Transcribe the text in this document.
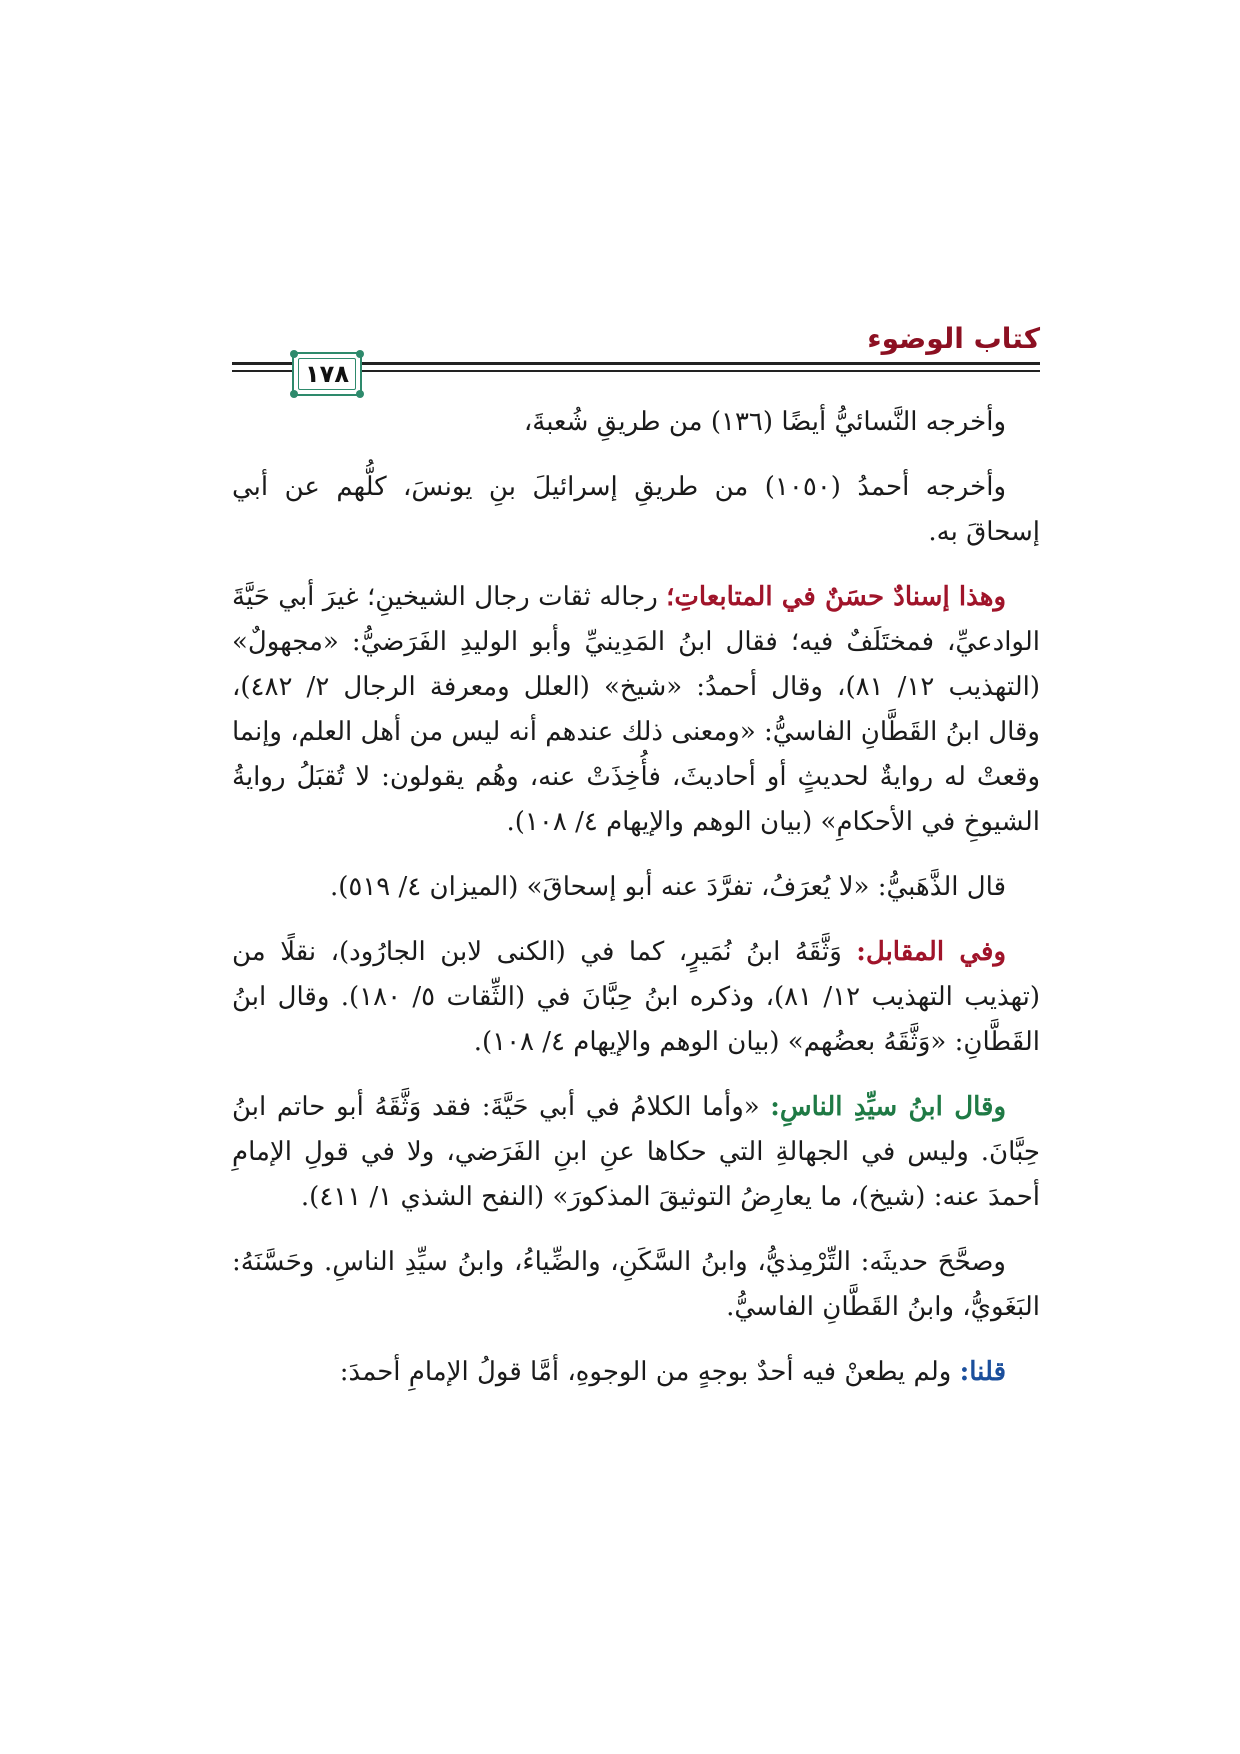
كتاب الوضوء
١٧٨

وأخرجه النَّسائيُّ أيضًا (١٣٦) من طريقِ شُعبةَ،

وأخرجه أحمدُ (١٠٥٠) من طريقِ إسرائيلَ بنِ يونسَ، كلُّهم عن أبي إسحاقَ به.

وهذا إسنادٌ حسَنٌ في المتابعاتِ؛ رجاله ثقات رجال الشيخينِ؛ غيرَ أبي حَيَّةَ الوادعيِّ، فمختَلَفٌ فيه؛ فقال ابنُ المَدِينيِّ وأبو الوليدِ الفَرَضيُّ: «مجهولٌ» (التهذيب ١٢/ ٨١)، وقال أحمدُ: «شيخ» (العلل ومعرفة الرجال ٢/ ٤٨٢)، وقال ابنُ القَطَّانِ الفاسيُّ: «ومعنى ذلك عندهم أنه ليس من أهل العلم، وإنما وقعتْ له روايةٌ لحديثٍ أو أحاديثَ، فأُخِذَتْ عنه، وهُم يقولون: لا تُقبَلُ روايةُ الشيوخِ في الأحكامِ» (بيان الوهم والإيهام ٤/ ١٠٨).

قال الذَّهَبيُّ: «لا يُعرَفُ، تفرَّدَ عنه أبو إسحاقَ» (الميزان ٤/ ٥١٩).

وفي المقابل: وَثَّقَهُ ابنُ نُمَيرٍ، كما في (الكنى لابن الجارُود)، نقلًا من (تهذيب التهذيب ١٢/ ٨١)، وذكره ابنُ حِبَّانَ في (الثِّقات ٥/ ١٨٠). وقال ابنُ القَطَّانِ: «وَثَّقَهُ بعضُهم» (بيان الوهم والإيهام ٤/ ١٠٨).

وقال ابنُ سيِّدِ الناسِ: «وأما الكلامُ في أبي حَيَّةَ: فقد وَثَّقَهُ أبو حاتم ابنُ حِبَّانَ. وليس في الجهالةِ التي حكاها عنِ ابنِ الفَرَضي، ولا في قولِ الإمامِ أحمدَ عنه: (شيخ)، ما يعارِضُ التوثيقَ المذكورَ» (النفح الشذي ١/ ٤١١).

وصحَّحَ حديثَه: التِّرْمِذيُّ، وابنُ السَّكَنِ، والضِّياءُ، وابنُ سيِّدِ الناسِ. وحَسَّنَهُ: البَغَويُّ، وابنُ القَطَّانِ الفاسيُّ.

قلنا: ولم يطعنْ فيه أحدٌ بوجهٍ من الوجوهِ، أمَّا قولُ الإمامِ أحمدَ:
